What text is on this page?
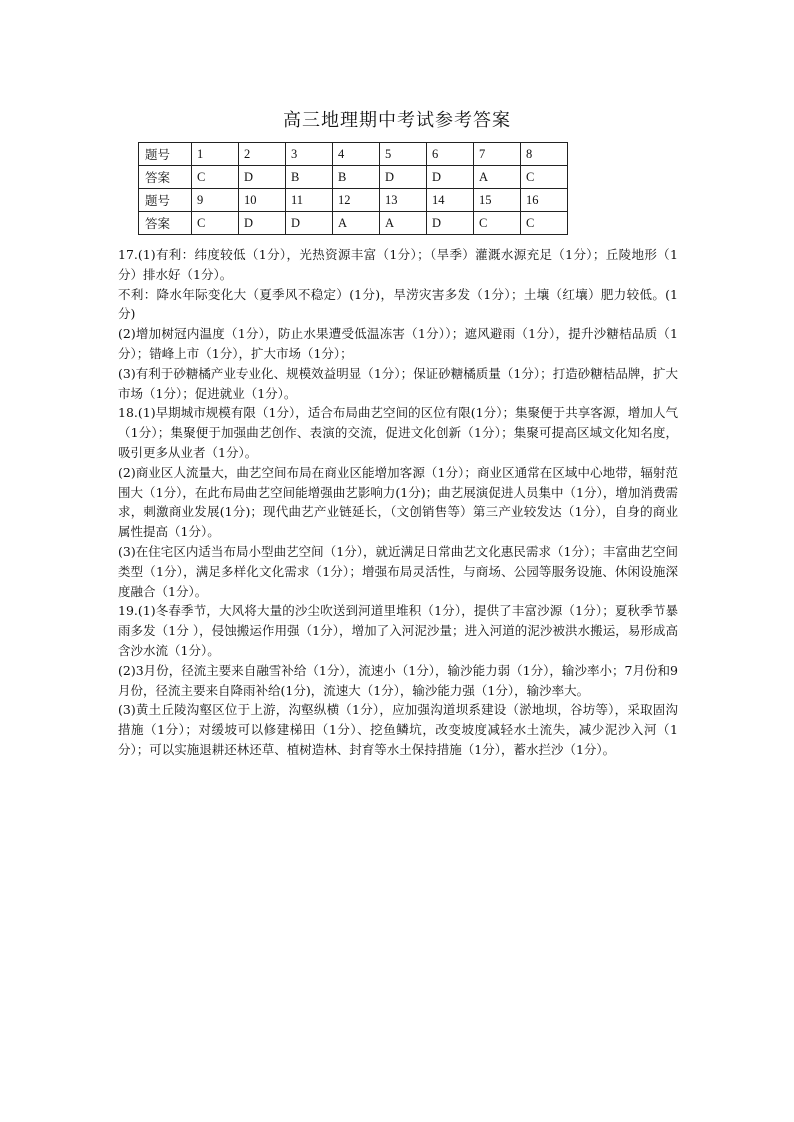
高三地理期中考试参考答案
题号	1	2	3	4	5	6	7	8
答案	C	D	B	B	D	D	A	C
题号	9	10	11	12	13	14	15	16
答案	C	D	D	A	A	D	C	C

17.(1)有利：纬度较低（1分），光热资源丰富（1分）；（旱季）灌溉水源充足（1分）；丘陵地形（1分）排水好（1分）。

不利：降水年际变化大（夏季风不稳定）(1分)，旱涝灾害多发（1分）；土壤（红壤）肥力较低。(1分)

(2)增加树冠内温度（1分），防止水果遭受低温冻害（1分））；遮风避雨（1分），提升沙糖桔品质（1分）；错峰上市（1分），扩大市场（1分）；

(3)有利于砂糖橘产业专业化、规模效益明显（1分）；保证砂糖橘质量（1分）；打造砂糖桔品牌，扩大市场（1分）；促进就业（1分）。

18.(1)早期城市规模有限（1分），适合布局曲艺空间的区位有限(1分）；集聚便于共享客源，增加人气（1分）；集聚便于加强曲艺创作、表演的交流，促进文化创新（1分）；集聚可提高区域文化知名度，吸引更多从业者（1分）。

(2)商业区人流量大，曲艺空间布局在商业区能增加客源（1分）；商业区通常在区域中心地带，辐射范围大（1分），在此布局曲艺空间能增强曲艺影响力(1分)；曲艺展演促进人员集中（1分），增加消费需求，刺激商业发展(1分)；现代曲艺产业链延长，（文创销售等）第三产业较发达（1分），自身的商业属性提高（1分）。

(3)在住宅区内适当布局小型曲艺空间（1分），就近满足日常曲艺文化惠民需求（1分）；丰富曲艺空间类型（1分），满足多样化文化需求（1分）；增强布局灵活性，与商场、公园等服务设施、休闲设施深度融合（1分）。

19.(1)冬春季节，大风将大量的沙尘吹送到河道里堆积（1分），提供了丰富沙源（1分）；夏秋季节暴雨多发（1分 ），侵蚀搬运作用强（1分），增加了入河泥沙量；进入河道的泥沙被洪水搬运，易形成高含沙水流（1分）。

(2)3月份，径流主要来自融雪补给（1分），流速小（1分），输沙能力弱（1分），输沙率小；7月份和9月份，径流主要来自降雨补给(1分)，流速大（1分），输沙能力强（1分），输沙率大。

(3)黄土丘陵沟壑区位于上游，沟壑纵横（1分），应加强沟道坝系建设（淤地坝，谷坊等），采取固沟措施（1分）；对缓坡可以修建梯田（1分）、挖鱼鳞坑，改变坡度减轻水土流失，减少泥沙入河（1分）；可以实施退耕还林还草、植树造林、封育等水土保持措施（1分），蓄水拦沙（1分）。
